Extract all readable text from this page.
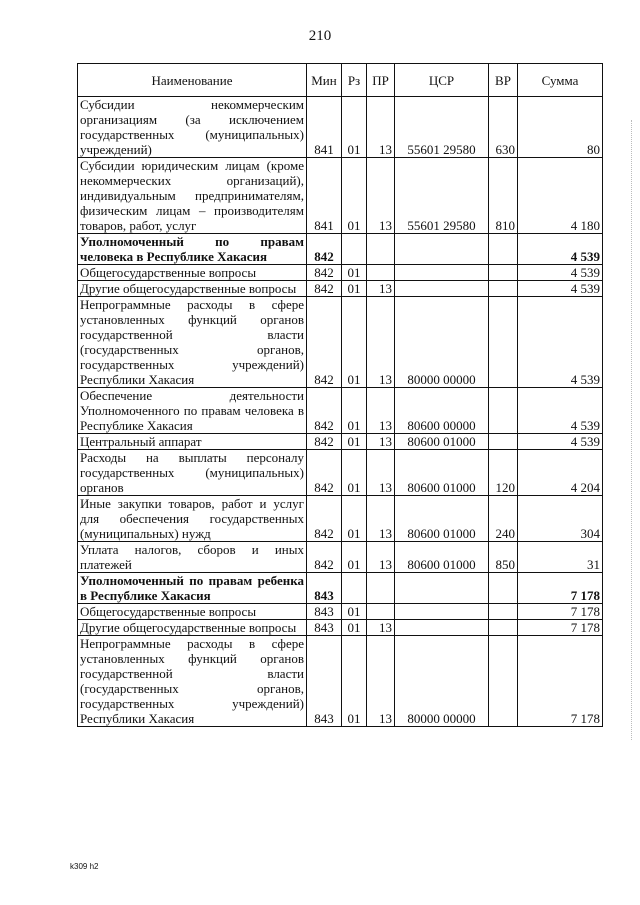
210
Наименование	Мин	Рз	ПР	ЦСР	ВР	Сумма
Субсидии некоммерческим организациям (за исключением государственных (муниципальных) учреждений)	841	01	13	55601 29580	630	80
Субсидии юридическим лицам (кроме некоммерческих организаций), индивидуальным предпринимателям, физическим лицам – производителям товаров, работ, услуг	841	01	13	55601 29580	810	4 180
Уполномоченный по правам человека в Республике Хакасия	842					4 539
Общегосударственные вопросы	842	01				4 539
Другие общегосударственные вопросы	842	01	13			4 539
Непрограммные расходы в сфере установленных функций органов государственной власти (государственных органов, государственных учреждений) Республики Хакасия	842	01	13	80000 00000		4 539
Обеспечение деятельности Уполномоченного по правам человека в Республике Хакасия	842	01	13	80600 00000		4 539
Центральный аппарат	842	01	13	80600 01000		4 539
Расходы на выплаты персоналу государственных (муниципальных) органов	842	01	13	80600 01000	120	4 204
Иные закупки товаров, работ и услуг для обеспечения государственных (муниципальных) нужд	842	01	13	80600 01000	240	304
Уплата налогов, сборов и иных платежей	842	01	13	80600 01000	850	31
Уполномоченный по правам ребенка в Республике Хакасия	843					7 178
Общегосударственные вопросы	843	01				7 178
Другие общегосударственные вопросы	843	01	13			7 178
Непрограммные расходы в сфере установленных функций органов государственной власти (государственных органов, государственных учреждений) Республики Хакасия	843	01	13	80000 00000		7 178
k309 h2
